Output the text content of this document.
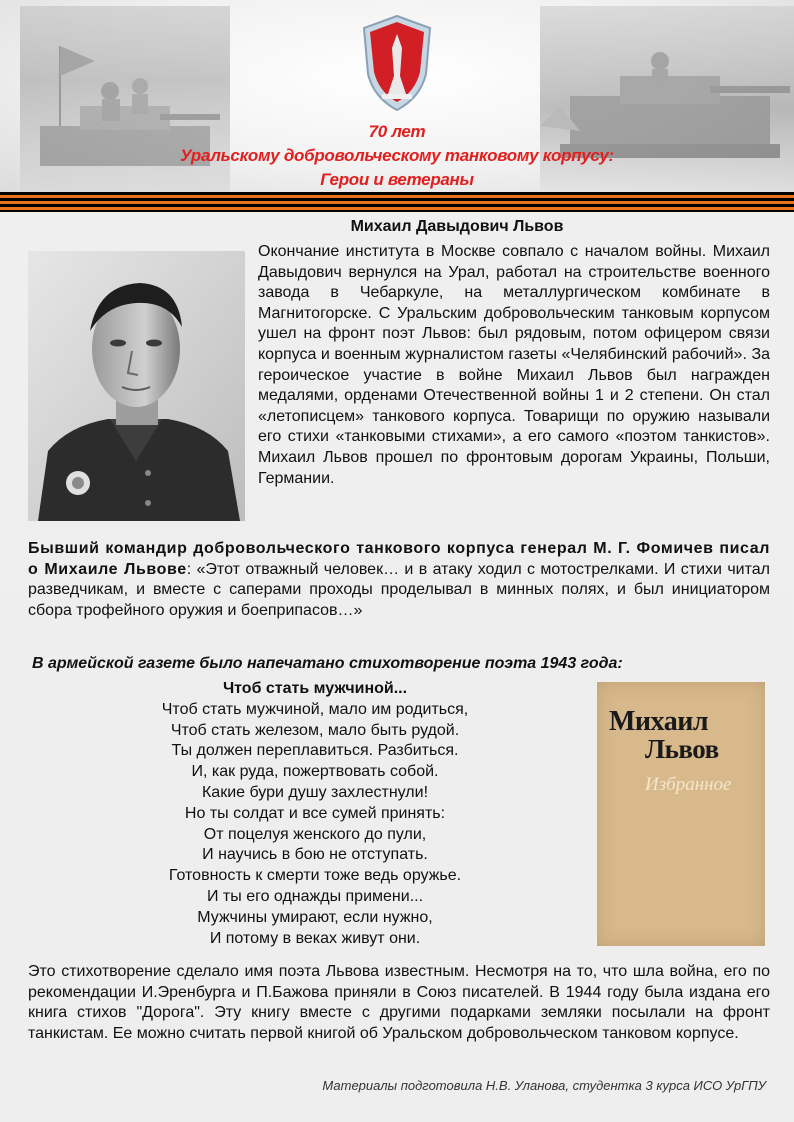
70 лет
Уральскому добровольческому танковому корпусу:
Герои и ветераны
Михаил Давыдович Львов
Окончание института в Москве совпало с началом войны. Михаил Давыдович вернулся на Урал, работал на строительстве военного завода в Чебаркуле, на металлургическом комбинате в Магнитогорске. С Уральским добровольческим танковым корпусом ушел на фронт поэт Львов: был рядовым, потом офицером связи корпуса и военным журналистом газеты «Челябинский рабочий». За героическое участие в войне Михаил Львов был награжден медалями, орденами Отечественной войны 1 и 2 степени. Он стал «летописцем» танкового корпуса. Товарищи по оружию называли его стихи «танковыми стихами», а его самого «поэтом танкистов». Михаил Львов прошел по фронтовым дорогам Украины, Польши, Германии.
Бывший командир добровольческого танкового корпуса генерал М. Г. Фомичев писал о Михаиле Львове: «Этот отважный человек… и в атаку ходил с мотострелками. И стихи читал разведчикам, и вместе с саперами проходы проделывал в минных полях, и был инициатором сбора трофейного оружия и боеприпасов…»
В армейской газете было напечатано стихотворение поэта 1943 года:
Чтоб стать мужчиной...
Чтоб стать мужчиной, мало им родиться,
Чтоб стать железом, мало быть рудой.
Ты должен переплавиться. Разбиться.
И, как руда, пожертвовать собой.
Какие бури душу захлестнули!
Но ты солдат и все сумей принять:
От поцелуя женского до пули,
И научись в бою не отступать.
Готовность к смерти тоже ведь оружье.
И ты его однажды примени...
Мужчины умирают, если нужно,
И потому в веках живут они.
Михаил
Львов
Избранное
Это стихотворение сделало имя поэта Львова известным. Несмотря на то, что шла война, его по рекомендации И.Эренбурга и П.Бажова приняли в Союз писателей. В 1944 году была издана его книга стихов "Дорога". Эту книгу вместе с другими подарками земляки посылали на фронт танкистам. Ее можно считать первой книгой об Уральском добровольческом танковом корпусе.
Материалы подготовила Н.В. Уланова, студентка 3 курса ИСО УрГПУ
